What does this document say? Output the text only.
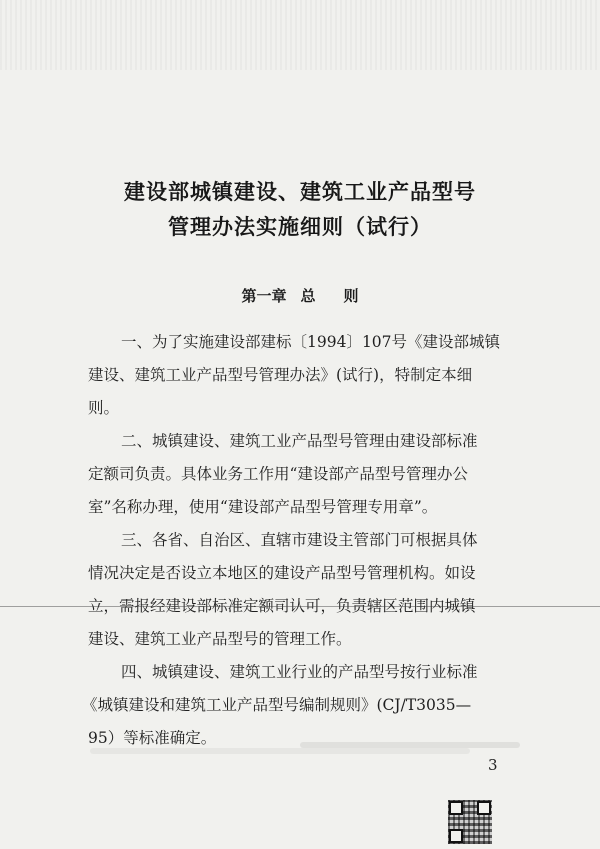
建设部城镇建设、建筑工业产品型号
管理办法实施细则（试行）
第一章 总 则
一、为了实施建设部建标〔1994〕107号《建设部城镇
建设、建筑工业产品型号管理办法》(试行)，特制定本细
则。
二、城镇建设、建筑工业产品型号管理由建设部标准
定额司负责。具体业务工作用“建设部产品型号管理办公
室”名称办理，使用“建设部产品型号管理专用章”。
三、各省、自治区、直辖市建设主管部门可根据具体
情况决定是否设立本地区的建设产品型号管理机构。如设
立，需报经建设部标准定额司认可，负责辖区范围内城镇
建设、建筑工业产品型号的管理工作。
四、城镇建设、建筑工业行业的产品型号按行业标准
《城镇建设和建筑工业产品型号编制规则》(CJ/T3035—
95）等标准确定。
3
